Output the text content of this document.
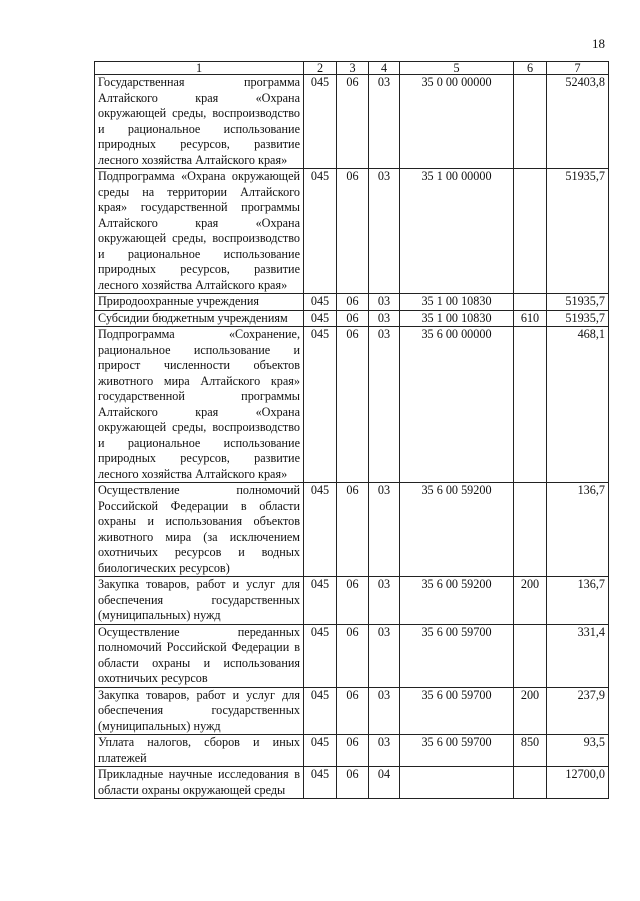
18
1	2	3	4	5	6	7
Государственная программа Алтайского края «Охрана окружающей среды, воспроизводство и рациональное использование природных ресурсов, развитие лесного хозяйства Алтайского края»	045	06	03	35 0 00 00000		52403,8
Подпрограмма «Охрана окружающей среды на территории Алтайского края» государственной программы Алтайского края «Охрана окружающей среды, воспроизводство и рациональное использование природных ресурсов, развитие лесного хозяйства Алтайского края»	045	06	03	35 1 00 00000		51935,7
Природоохранные учреждения	045	06	03	35 1 00 10830		51935,7
Субсидии бюджетным учреждениям	045	06	03	35 1 00 10830	610	51935,7
Подпрограмма «Сохранение, рациональное использование и прирост численности объектов животного мира Алтайского края» государственной программы Алтайского края «Охрана окружающей среды, воспроизводство и рациональное использование природных ресурсов, развитие лесного хозяйства Алтайского края»	045	06	03	35 6 00 00000		468,1
Осуществление полномочий Российской Федерации в области охраны и использования объектов животного мира (за исключением охотничьих ресурсов и водных биологических ресурсов)	045	06	03	35 6 00 59200		136,7
Закупка товаров, работ и услуг для обеспечения государственных (муниципальных) нужд	045	06	03	35 6 00 59200	200	136,7
Осуществление переданных полномочий Российской Федерации в области охраны и использования охотничьих ресурсов	045	06	03	35 6 00 59700		331,4
Закупка товаров, работ и услуг для обеспечения государственных (муниципальных) нужд	045	06	03	35 6 00 59700	200	237,9
Уплата налогов, сборов и иных платежей	045	06	03	35 6 00 59700	850	93,5
Прикладные научные исследования в области охраны окружающей среды	045	06	04			12700,0
